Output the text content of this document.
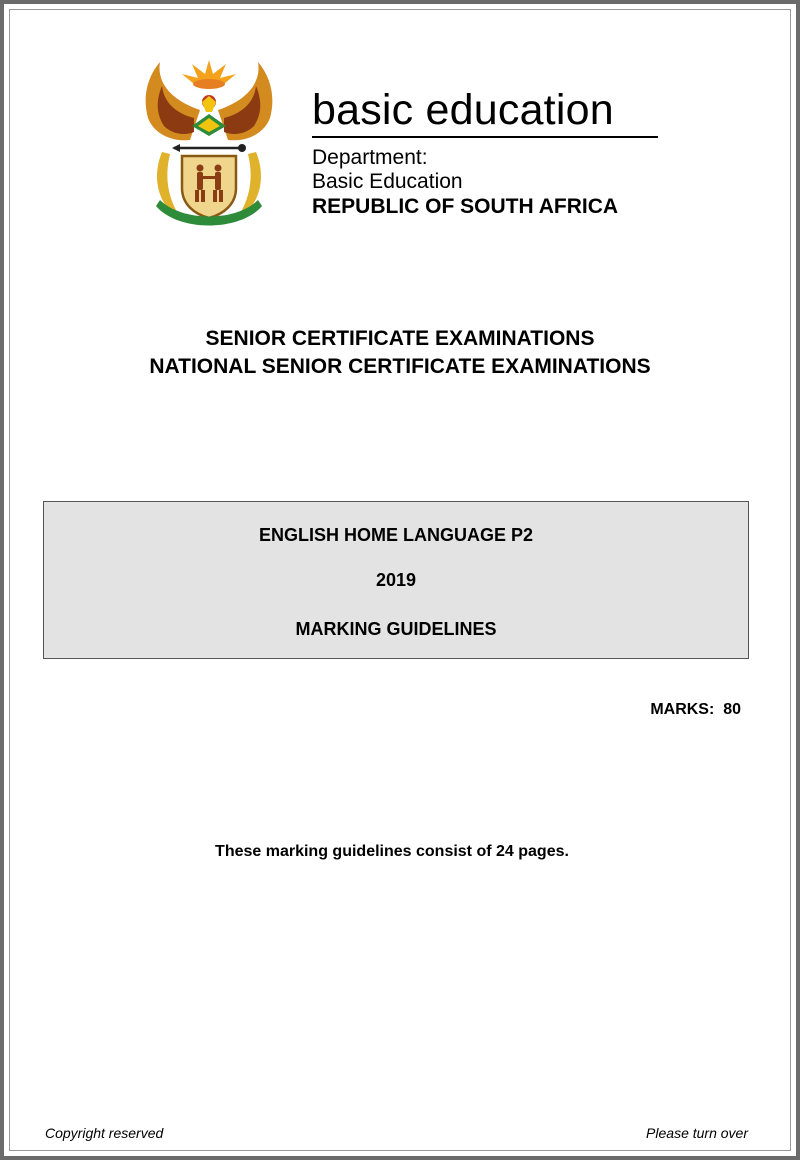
basic education
Department:
Basic Education
REPUBLIC OF SOUTH AFRICA
SENIOR CERTIFICATE EXAMINATIONS
NATIONAL SENIOR CERTIFICATE EXAMINATIONS
ENGLISH HOME LANGUAGE P2
2019
MARKING GUIDELINES
MARKS:  80
These marking guidelines consist of 24 pages.
Copyright reserved	Please turn over
